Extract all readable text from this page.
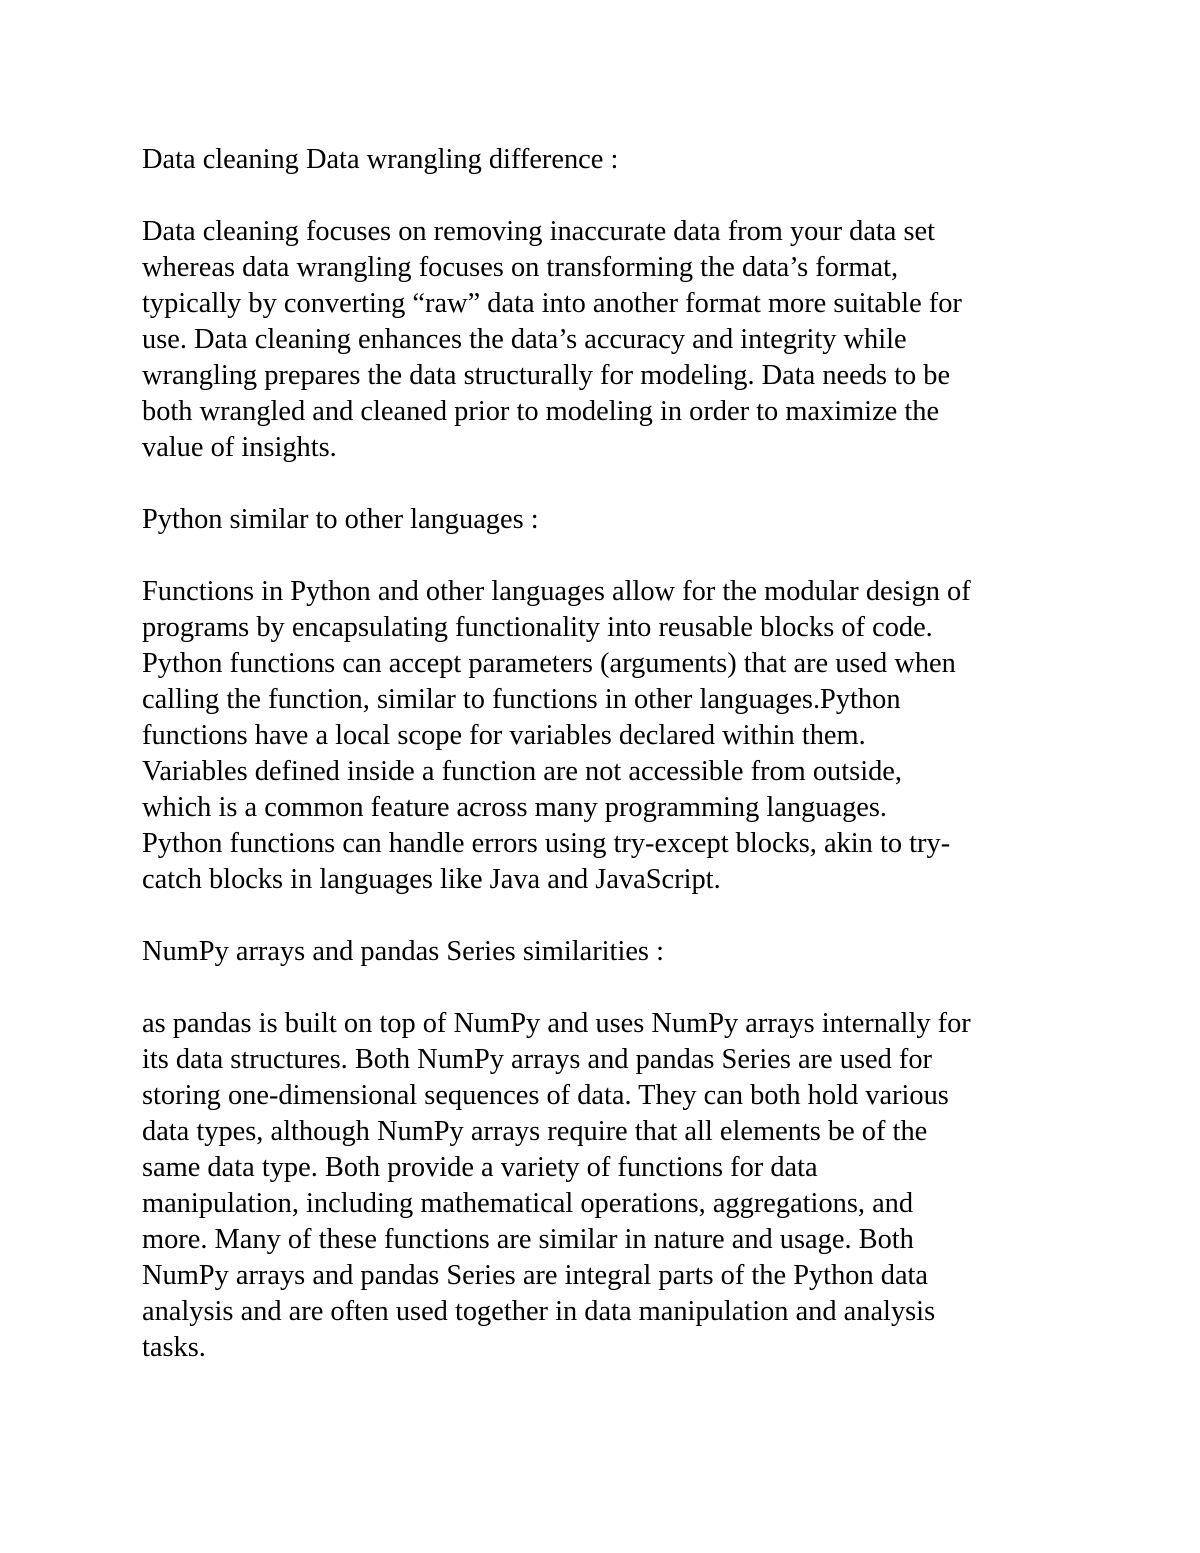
Data cleaning Data wrangling difference :
Data cleaning focuses on removing inaccurate data from your data set
whereas data wrangling focuses on transforming the data’s format,
typically by converting “raw” data into another format more suitable for
use. Data cleaning enhances the data’s accuracy and integrity while
wrangling prepares the data structurally for modeling. Data needs to be
both wrangled and cleaned prior to modeling in order to maximize the
value of insights.
Python similar to other languages :
Functions in Python and other languages allow for the modular design of
programs by encapsulating functionality into reusable blocks of code.
Python functions can accept parameters (arguments) that are used when
calling the function, similar to functions in other languages.Python
functions have a local scope for variables declared within them.
Variables defined inside a function are not accessible from outside,
which is a common feature across many programming languages.
Python functions can handle errors using try-except blocks, akin to try-
catch blocks in languages like Java and JavaScript.
NumPy arrays and pandas Series similarities :
as pandas is built on top of NumPy and uses NumPy arrays internally for
its data structures. Both NumPy arrays and pandas Series are used for
storing one-dimensional sequences of data. They can both hold various
data types, although NumPy arrays require that all elements be of the
same data type. Both provide a variety of functions for data
manipulation, including mathematical operations, aggregations, and
more. Many of these functions are similar in nature and usage. Both
NumPy arrays and pandas Series are integral parts of the Python data
analysis and are often used together in data manipulation and analysis
tasks.
